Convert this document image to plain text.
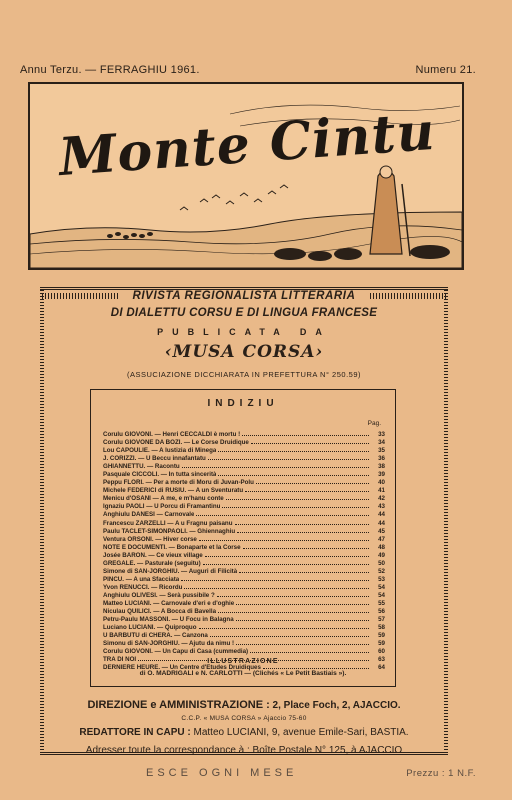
Annu Terzu. — FERRAGHIU 1961.	Numeru 21.
Monte Cintu
RIVISTA REGIONALISTA LITTERARIA
DI DIALETTU CORSU E DI LINGUA FRANCESE
PUBLICATA DA
‹MUSA CORSA›
(ASSUCIAZIONE DICCHIARATA IN PREFETTURA N° 250.59)
INDIZIU
Pag.
Corulu GIOVONI. — Henri CECCALDI è mortu !	33
Corulu GIOVONE DA BOZI. — Le Corse Druidique	34
Lou CAPOULIE. — A Iustizia di Minega	35
J. CORIZZI. — U Beccu innafantatu	36
GHIANNETTU. — Racontu	38
Pasquale CICCOLI. — In tutta sincerità	39
Peppu FLORI. — Per a morte di Moru di Juvan-Polu	40
Michele FEDERICI di RUSIU. — A un Sventuratu	41
Menicu d'OSANI — A me, e m'hanu conte	42
Ignaziu PAOLI — U Porcu di Framantinu	43
Anghiulu DANESI — Carnovale	44
Francescu ZARZELLI — A u Fragnu paisanu	44
Paulu TACLET-SIMONPAOLI. — Ghiennaghiu	45
Ventura ORSONI. — Hiver corse	47
NOTE E DOCUMENTI. — Bonaparte et la Corse	48
Josée BARON. — Ce vieux village	49
GREGALE. — Pasturale (seguitu)	50
Simone di SAN-JORGHIU. — Auguri di Filicità	52
PINCU. — A una Sfacciata	53
Yvon RENUCCI. — Ricordu	54
Anghiulu OLIVESI. — Serà pussibile ?	54
Matteo LUCIANI. — Carnovale d'eri e d'oghie	55
Niculau QUILICI. — A Bocca di Bavella	56
Petru-Paulu MASSONI. — U Focu in Balagna	57
Luciano LUCIANI. — Quiproquo	58
U BARBUTU di CHERA. — Canzona	59
Simonu di SAN-JORGHIU. — Ajutu da nimu !	59
Corulu GIOVONI. — Un Capu di Casa (cummedia)	60
TRA DI NOI	63
DERNIERE HEURE. — Un Centre d'Etudes Druidiques	64
ILLUSTRAZIONE
di O. MADRIGALI e N. CARLOTTI — (Clichés « Le Petit Bastiais »).
DIREZIONE e AMMINISTRAZIONE : 2, Place Foch, 2, AJACCIO.
C.C.P. « MUSA CORSA » Ajaccio 75-60
REDATTORE IN CAPU : Matteo LUCIANI, 9, avenue Emile-Sari, BASTIA.
Adresser toute la correspondance à : Boîte Postale N° 125, à AJACCIO
ESCE OGNI MESE	Prezzu : 1 N.F.
